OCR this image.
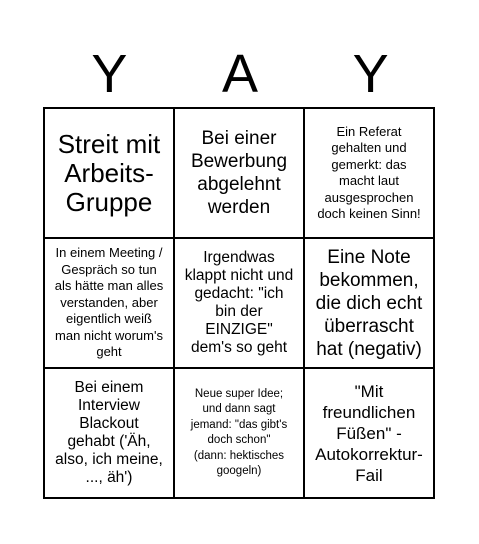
Y	A	Y
Streit mit
Arbeits-
Gruppe
Bei einer
Bewerbung
abgelehnt
werden
Ein Referat
gehalten und
gemerkt: das
macht laut
ausgesprochen
doch keinen Sinn!
In einem Meeting /
Gespräch so tun
als hätte man alles
verstanden, aber
eigentlich weiß
man nicht worum's
geht
Irgendwas
klappt nicht und
gedacht: "ich
bin der
EINZIGE"
dem's so geht
Eine Note
bekommen,
die dich echt
überrascht
hat (negativ)
Bei einem
Interview
Blackout
gehabt ('Äh,
also, ich meine,
..., äh')
Neue super Idee;
und dann sagt
jemand: "das gibt's
doch schon"
(dann: hektisches
googeln)
"Mit
freundlichen
Füßen" -
Autokorrektur-
Fail
